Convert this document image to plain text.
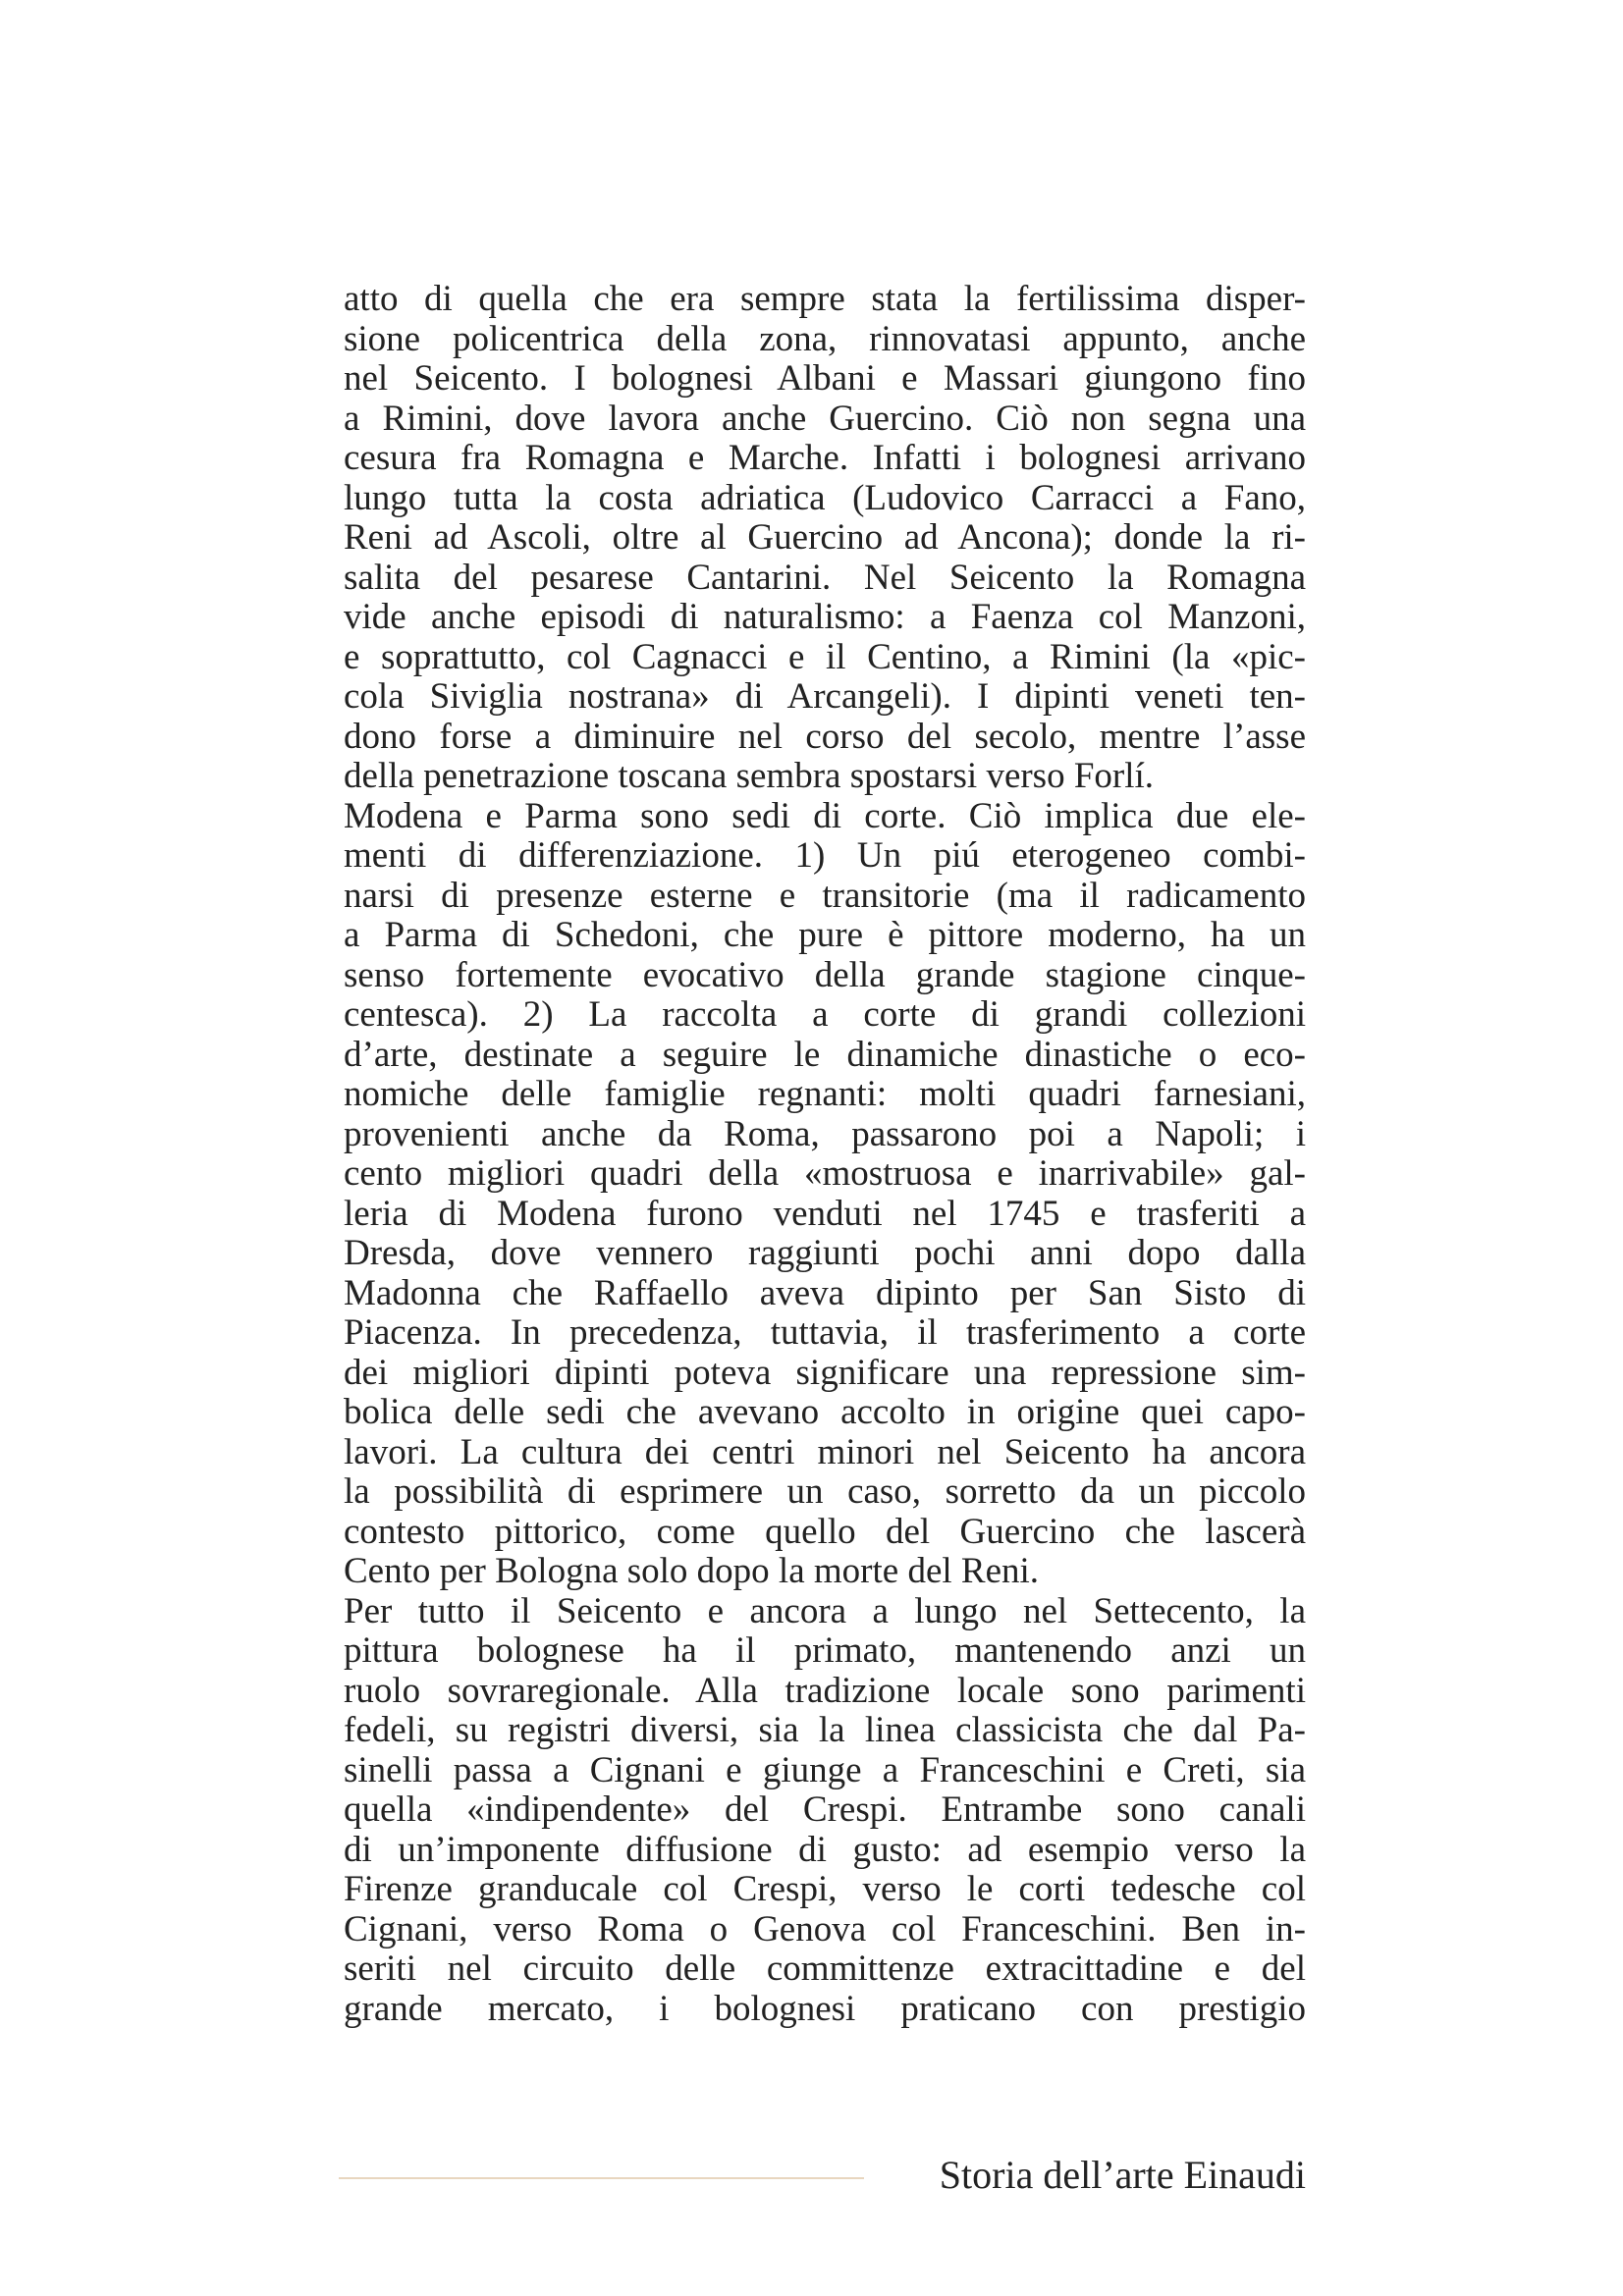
atto di quella che era sempre stata la fertilissima disper-
sione policentrica della zona, rinnovatasi appunto, anche
nel Seicento. I bolognesi Albani e Massari giungono fino
a Rimini, dove lavora anche Guercino. Ciò non segna una
cesura fra Romagna e Marche. Infatti i bolognesi arrivano
lungo tutta la costa adriatica (Ludovico Carracci a Fano,
Reni ad Ascoli, oltre al Guercino ad Ancona); donde la ri-
salita del pesarese Cantarini. Nel Seicento la Romagna
vide anche episodi di naturalismo: a Faenza col Manzoni,
e soprattutto, col Cagnacci e il Centino, a Rimini (la «pic-
cola Siviglia nostrana» di Arcangeli). I dipinti veneti ten-
dono forse a diminuire nel corso del secolo, mentre l’asse
della penetrazione toscana sembra spostarsi verso Forlí.
Modena e Parma sono sedi di corte. Ciò implica due ele-
menti di differenziazione. 1) Un piú eterogeneo combi-
narsi di presenze esterne e transitorie (ma il radicamento
a Parma di Schedoni, che pure è pittore moderno, ha un
senso fortemente evocativo della grande stagione cinque-
centesca). 2) La raccolta a corte di grandi collezioni
d’arte, destinate a seguire le dinamiche dinastiche o eco-
nomiche delle famiglie regnanti: molti quadri farnesiani,
provenienti anche da Roma, passarono poi a Napoli; i
cento migliori quadri della «mostruosa e inarrivabile» gal-
leria di Modena furono venduti nel 1745 e trasferiti a
Dresda, dove vennero raggiunti pochi anni dopo dalla
Madonna che Raffaello aveva dipinto per San Sisto di
Piacenza. In precedenza, tuttavia, il trasferimento a corte
dei migliori dipinti poteva significare una repressione sim-
bolica delle sedi che avevano accolto in origine quei capo-
lavori. La cultura dei centri minori nel Seicento ha ancora
la possibilità di esprimere un caso, sorretto da un piccolo
contesto pittorico, come quello del Guercino che lascerà
Cento per Bologna solo dopo la morte del Reni.
Per tutto il Seicento e ancora a lungo nel Settecento, la
pittura bolognese ha il primato, mantenendo anzi un
ruolo sovraregionale. Alla tradizione locale sono parimenti
fedeli, su registri diversi, sia la linea classicista che dal Pa-
sinelli passa a Cignani e giunge a Franceschini e Creti, sia
quella «indipendente» del Crespi. Entrambe sono canali
di un’imponente diffusione di gusto: ad esempio verso la
Firenze granducale col Crespi, verso le corti tedesche col
Cignani, verso Roma o Genova col Franceschini. Ben in-
seriti nel circuito delle committenze extracittadine e del
grande mercato, i bolognesi praticano con prestigio
Storia dell’arte Einaudi
